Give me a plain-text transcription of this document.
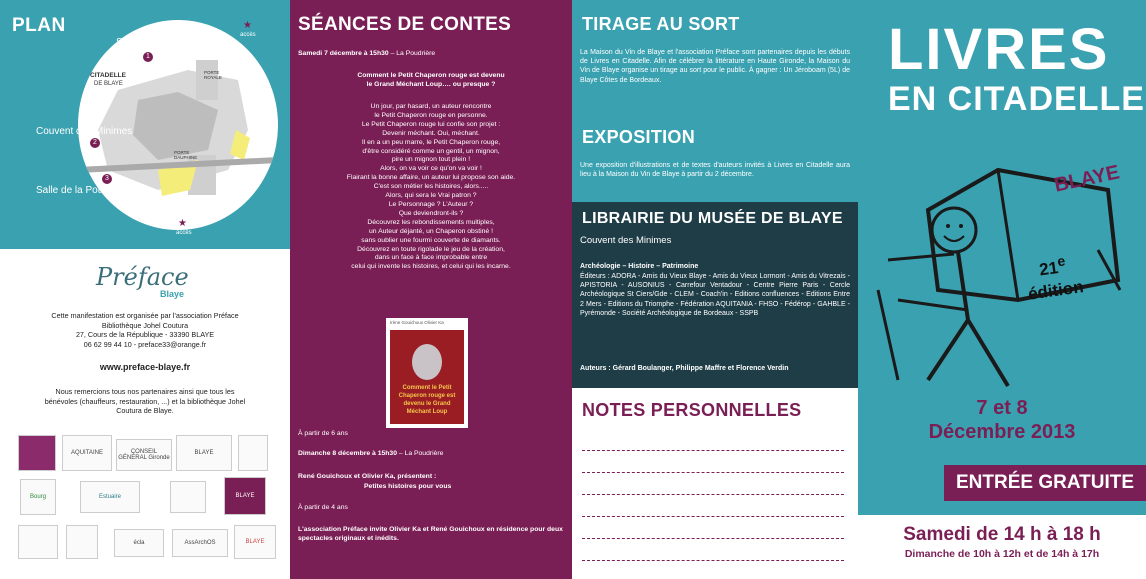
PLAN
CITADELLE
DE BLAYE
PORTE ROYALE
PORTE DAUPHINE
Salle Liverneuf
1
Couvent des Minimes
2
Salle de la Poudrière
3
★
accès
★
accès
Préface
Blaye
Cette manifestation est organisée par l'association Préface
Bibliothèque Johel Coutura
27, Cours de la République - 33390 BLAYE
06 62 99 44 10 - preface33@orange.fr
www.preface-blaye.fr
Nous remercions tous nos partenaires ainsi que tous les
bénévoles (chauffeurs, restauration, ...) et la bibliothèque Johel
Coutura de Blaye.
AQUITAINE	CONSEIL GÉNÉRAL Gironde
BLAYE
Bourg	Estuaire	BLAYE
écla	AssArchOS	BLAYE
SÉANCES DE CONTES
Samedi 7 décembre à 15h30 – La Poudrière
Comment le Petit Chaperon rouge est devenu
le Grand Méchant Loup…. ou presque ?
Un jour, par hasard, un auteur rencontre
le Petit Chaperon rouge en personne.
Le Petit Chaperon rouge lui confie son projet :
Devenir méchant. Oui, méchant.
Il en a un peu marre, le Petit Chaperon rouge,
d'être considéré comme un gentil, un mignon,
pire un mignon tout plein !
Alors, on va voir ce qu'on va voir !
Flairant la bonne affaire, un auteur lui propose son aide.
C'est son métier les histoires, alors.....
Alors, qui sera le Vrai patron ?
Le Personnage ? L'Auteur ?
Que deviendront-ils ?
Découvrez les rebondissements multiples,
un Auteur déjanté, un Chaperon obstiné !
sans oublier une fourmi couverte de diamants.
Découvrez en toute rigolade le jeu de la création,
dans un face à face improbable entre
celui qui invente les histoires, et celui qui les incarne.
Irène Gouichoux Olivier Ka
Comment le Petit Chaperon rouge est devenu le Grand Méchant Loup
À partir de 6 ans
Dimanche 8 décembre à 15h30 – La Poudrière
René Gouichoux et Olivier Ka, présentent :
Petites histoires pour vous
À partir de 4 ans
L'association Préface invite Olivier Ka et René Gouichoux en résidence pour deux spectacles originaux et inédits.
TIRAGE AU SORT
La Maison du Vin de Blaye et l'association Préface sont partenaires depuis les débuts de Livres en Citadelle. Afin de célébrer la littérature en Haute Gironde, la Maison du Vin de Blaye organise un tirage au sort pour le public. À gagner : Un Jéroboam (5L) de Blaye Côtes de Bordeaux.
EXPOSITION
Une exposition d'illustrations et de textes d'auteurs invités à Livres en Citadelle aura lieu à la Maison du Vin de Blaye à partir du 2 décembre.
LIBRAIRIE DU MUSÉE DE BLAYE
Couvent des Minimes
Archéologie – Histoire – Patrimoine
Éditeurs : ADORA - Amis du Vieux Blaye - Amis du Vieux Lormont - Amis du Vitrezais - APISTORIA - AUSONIUS - Carrefour Ventadour - Centre Pierre Paris - Cercle Archéologique St Ciers/Gde - CLEM - Coach'in - Editions confluences - Editions Entre 2 Mers - Editions du Triomphe - Fédération AQUITANIA - FHSO - Fédérop - GAHBLE - Pyrémonde - Société Archéologique de Bordeaux - SSPB
Auteurs : Gérard Boulanger, Philippe Maffre et Florence Verdin
NOTES PERSONNELLES
LIVRES
EN CITADELLE
BLAYE
21e
édition
7 et 8
Décembre 2013
ENTRÉE GRATUITE
Samedi de 14 h à 18 h
Dimanche de 10h à 12h et de 14h à 17h
